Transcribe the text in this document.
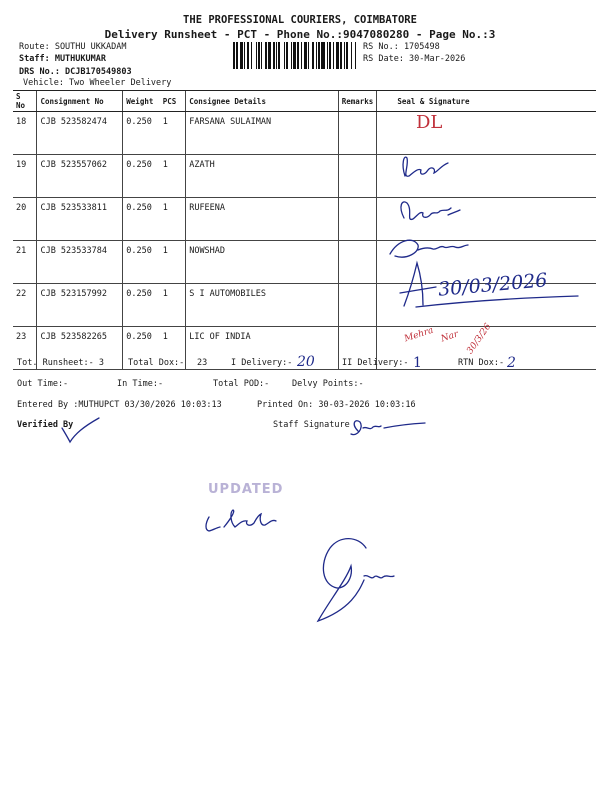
THE PROFESSIONAL COURIERS, COIMBATORE
Delivery Runsheet - PCT - Phone No.:9047080280 - Page No.:3
Route: SOUTHU UKKADAM
Staff: MUTHUKUMAR
DRS No.: DCJB170549803
Vehicle: Two Wheeler Delivery
RS No.: 1705498
RS Date: 30-Mar-2026
S No	Consignment No	Weight	PCS	Consignee Details	Remarks	Seal & Signature
18	CJB 523582474	0.250	1	FARSANA SULAIMAN		
19	CJB 523557062	0.250	1	AZATH		
20	CJB 523533811	0.250	1	RUFEENA		
21	CJB 523533784	0.250	1	NOWSHAD		
22	CJB 523157992	0.250	1	S I AUTOMOBILES		
23	CJB 523582265	0.250	1	LIC OF INDIA		
Tot. Runsheet:- 3	Total Dox:- 23	I Delivery:-	II Delivery:-	RTN Dox:-
Out Time:-	In Time:-	Total POD:-	Delvy Points:-
Entered By :MUTHUPCT 03/30/2026 10:03:13	Printed On: 30-03-2026 10:03:16
Verified By	Staff Signature
DL
30/03/2026
20	1	2
Mehra Nar 30/3/26
UPDATED
